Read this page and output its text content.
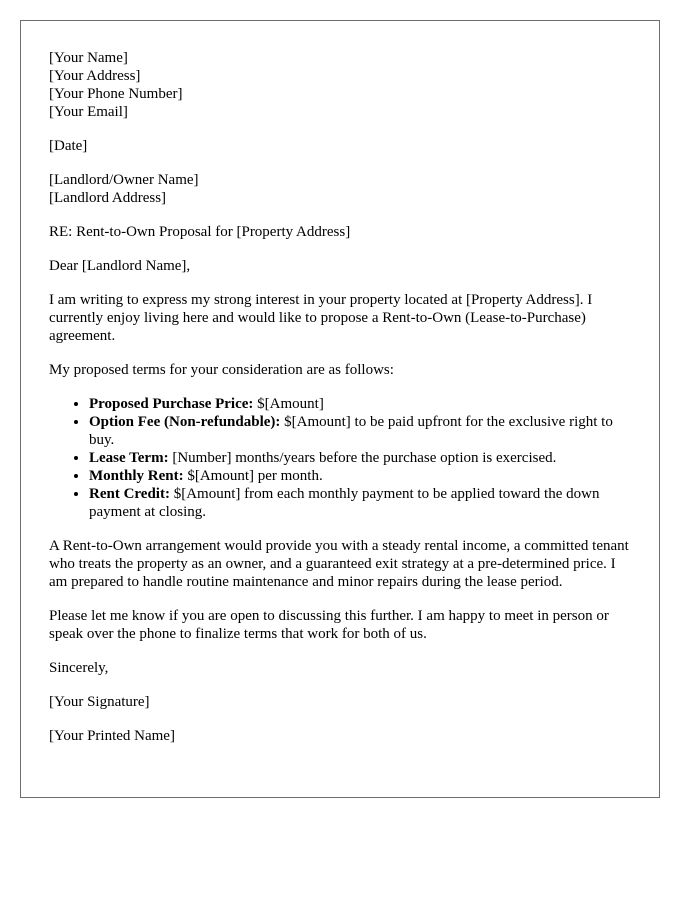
[Your Name]
[Your Address]
[Your Phone Number]
[Your Email]

[Date]

[Landlord/Owner Name]
[Landlord Address]

RE: Rent-to-Own Proposal for [Property Address]

Dear [Landlord Name],

I am writing to express my strong interest in your property located at [Property Address]. I currently enjoy living here and would like to propose a Rent-to-Own (Lease-to-Purchase) agreement.

My proposed terms for your consideration are as follows:

• Proposed Purchase Price: $[Amount]
• Option Fee (Non-refundable): $[Amount] to be paid upfront for the exclusive right to buy.
• Lease Term: [Number] months/years before the purchase option is exercised.
• Monthly Rent: $[Amount] per month.
• Rent Credit: $[Amount] from each monthly payment to be applied toward the down payment at closing.

A Rent-to-Own arrangement would provide you with a steady rental income, a committed tenant who treats the property as an owner, and a guaranteed exit strategy at a pre-determined price. I am prepared to handle routine maintenance and minor repairs during the lease period.

Please let me know if you are open to discussing this further. I am happy to meet in person or speak over the phone to finalize terms that work for both of us.

Sincerely,

[Your Signature]

[Your Printed Name]
